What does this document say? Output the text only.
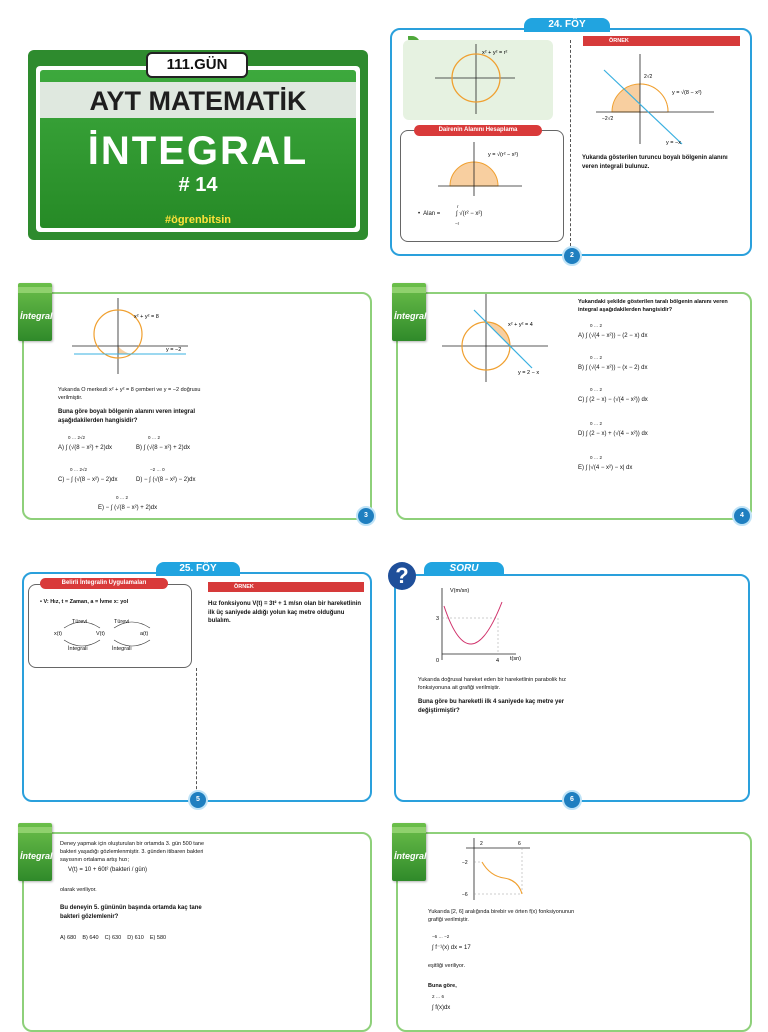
111.GÜN
AYT MATEMATİK
İNTEGRAL
# 14
#ögrenbitsin
24. FÖY
x² + y² = r²
Dairenin Alanını Hesaplama
y = √(r² − x²)
•  Alan =	∫ √(r² − x²)
r
−r
ÖRNEK
y = √(8 − x²)
2√2
−2√2
y = −x
Yukarıda gösterilen turuncu boyalı bölgenin alanını veren integrali bulunuz.
2
İntegral	x² + y² = 8
y = −2
Yukarıda O merkezli x² + y² = 8 çemberi ve y = −2 doğrusu verilmiştir.
Buna göre boyalı bölgenin alanını veren integral aşağıdakilerden hangisidir?
A) ∫ (√(8 − x²) + 2)dx
0 … 2√2
B) ∫ (√(8 − x²) + 2)dx
0 … 2
C) − ∫ (√(8 − x²) − 2)dx
0 … 2√2
D) − ∫ (√(8 − x²) − 2)dx
−2 … 0
E) − ∫ (√(8 − x²) + 2)dx
0 … 2
3
İntegral
x² + y² = 4
y = 2 − x
Yukarıdaki şekilde gösterilen taralı bölgenin alanını veren integral aşağıdakilerden hangisidir?
A) ∫ (√(4 − x²)) − (2 − x) dx
B) ∫ (√(4 − x²)) − (x − 2) dx
C) ∫ (2 − x) − (√(4 − x²)) dx
D) ∫ (2 − x) + (√(4 − x²)) dx
E) ∫ |√(4 − x²) − x| dx
0 … 2
0 … 2
0 … 2
0 … 2
0 … 2
4
25. FÖY
Belirli İntegralin Uygulamaları
• V: Hız, t = Zaman, a = İvme x: yol
Türevi	Türevi
x(t)	V(t)	a(t)
İntegrali	İntegrali
ÖRNEK
Hız fonksiyonu V(t) = 3t² + 1 m/sn olan bir hareketlinin ilk üç saniyede aldığı yolun kaç metre olduğunu bulalım.
5
?	SORU
V(m/sn)
t(sn)
3
4
0
Yukarıda doğrusal hareket eden bir hareketlinin parabolik hız fonksiyonuna ait grafiği verilmiştir.
Buna göre bu hareketli ilk 4 saniyede kaç metre yer değiştirmiştir?
6
İntegral
Deney yapmak için oluşturulan bir ortamda 3. gün 500 tane bakteri yaşadığı gözlemlenmiştir. 3. günden itibaren bakteri sayısının ortalama artış hızı;
V(t) = 10 + 60t² (bakteri / gün)
olarak veriliyor.
Bu deneyin 5. gününün başında ortamda kaç tane bakteri gözlemlenir?
A) 680    B) 640    C) 630    D) 610    E) 580
İntegral
−2
−6
2	6
Yukarıda [2, 6] aralığında birebir ve örten f(x) fonksiyonunun grafiği verilmiştir.
−6 … −2
∫ f⁻¹(x) dx = 17
eşitliği veriliyor.
Buna göre,
2 … 6
∫ f(x)dx
